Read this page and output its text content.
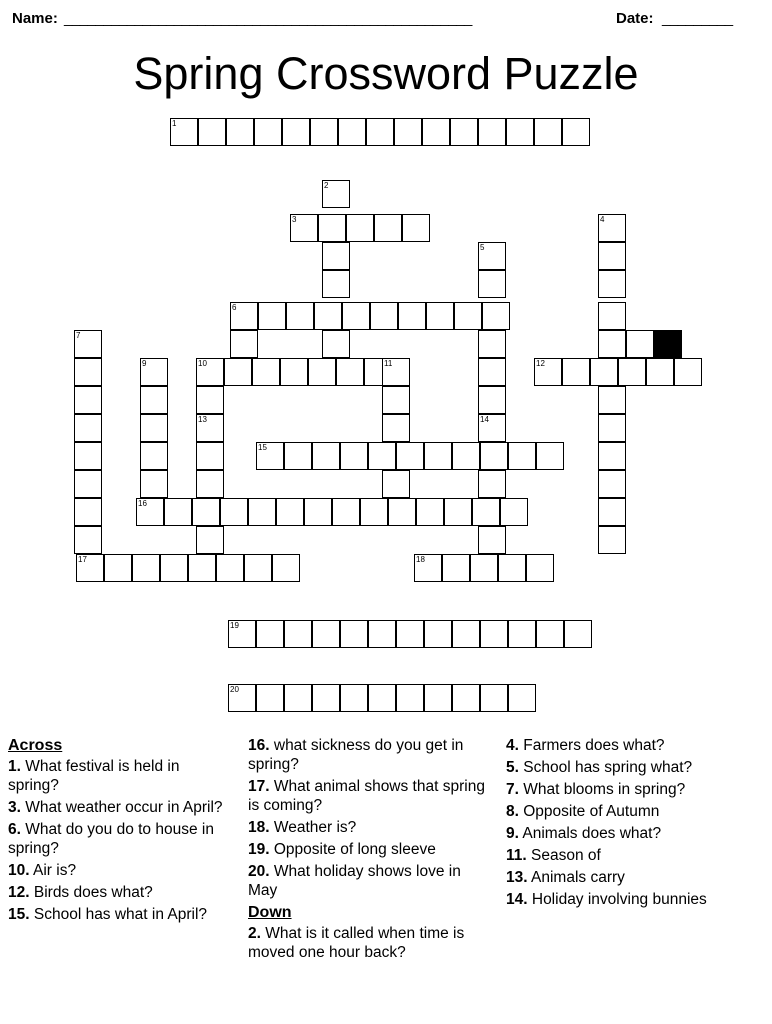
Name: ____________________________________________________	Date: _________
Spring Crossword Puzzle
1
2
3	4
5
6
7
9	10	11	12
13	14
15
16
17	18
19
20
Across
1. What festival is held in spring?
3. What weather occur in April?
6. What do you do to house in spring?
10. Air is?
12. Birds does what?
15. School has what in April?
16. what sickness do you get in spring?
17. What animal shows that spring is coming?
18. Weather is?
19. Opposite of long sleeve
20. What holiday shows love in May
Down
2. What is it called when time is moved one hour back?
4. Farmers does what?
5. School has spring what?
7. What blooms in spring?
8. Opposite of Autumn
9. Animals does what?
11. Season of
13. Animals carry
14. Holiday involving bunnies
